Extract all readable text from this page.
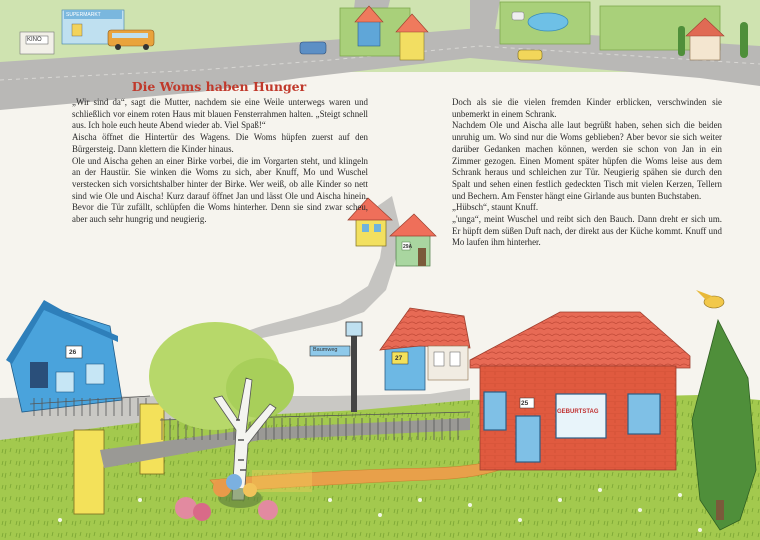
KINO
SUPERMARKT
Baumweg
26
27
29A
25
GEBURTSTAG
Die Woms haben Hunger

„Wir sind da“, sagt die Mutter, nachdem sie eine Weile unterwegs waren und schließlich vor einem roten Haus mit blauen Fensterrahmen halten. „Steigt schnell aus. Ich hole euch heute Abend wieder ab. Viel Spaß!“

Aischa öffnet die Hintertür des Wagens. Die Woms hüpfen zuerst auf den Bürgersteig. Dann klettern die Kinder hinaus.

Ole und Aischa gehen an einer Birke vorbei, die im Vorgarten steht, und klingeln an der Haustür. Sie winken die Woms zu sich, aber Knuff, Mo und Wuschel verstecken sich vorsichtshalber hinter der Birke. Wer weiß, ob alle Kinder so nett sind wie Ole und Aischa! Kurz darauf öffnet Jan und lässt Ole und Aischa hinein. Bevor die Tür zufällt, schlüpfen die Woms hinterher. Denn sie sind zwar scheu, aber auch sehr hungrig und neugierig.

Doch als sie die vielen fremden Kinder erblicken, verschwinden sie unbemerkt in einem Schrank.

Nachdem Ole und Aischa alle laut begrüßt haben, sehen sich die beiden unruhig um. Wo sind nur die Woms geblieben? Aber bevor sie sich weiter darüber Gedanken machen können, werden sie schon von Jan in ein Zimmer gezogen. Einen Moment später hüpfen die Woms leise aus dem Schrank heraus und schleichen zur Tür. Neugierig spähen sie durch den Spalt und sehen einen festlich gedeckten Tisch mit vielen Kerzen, Tellern und Bechern. Am Fenster hängt eine Girlande aus bunten Buchstaben.

„Hübsch“, staunt Knuff.

„'unga“, meint Wuschel und reibt sich den Bauch. Dann dreht er sich um. Er hüpft dem süßen Duft nach, der direkt aus der Küche kommt. Knuff und Mo laufen ihm hinterher.
